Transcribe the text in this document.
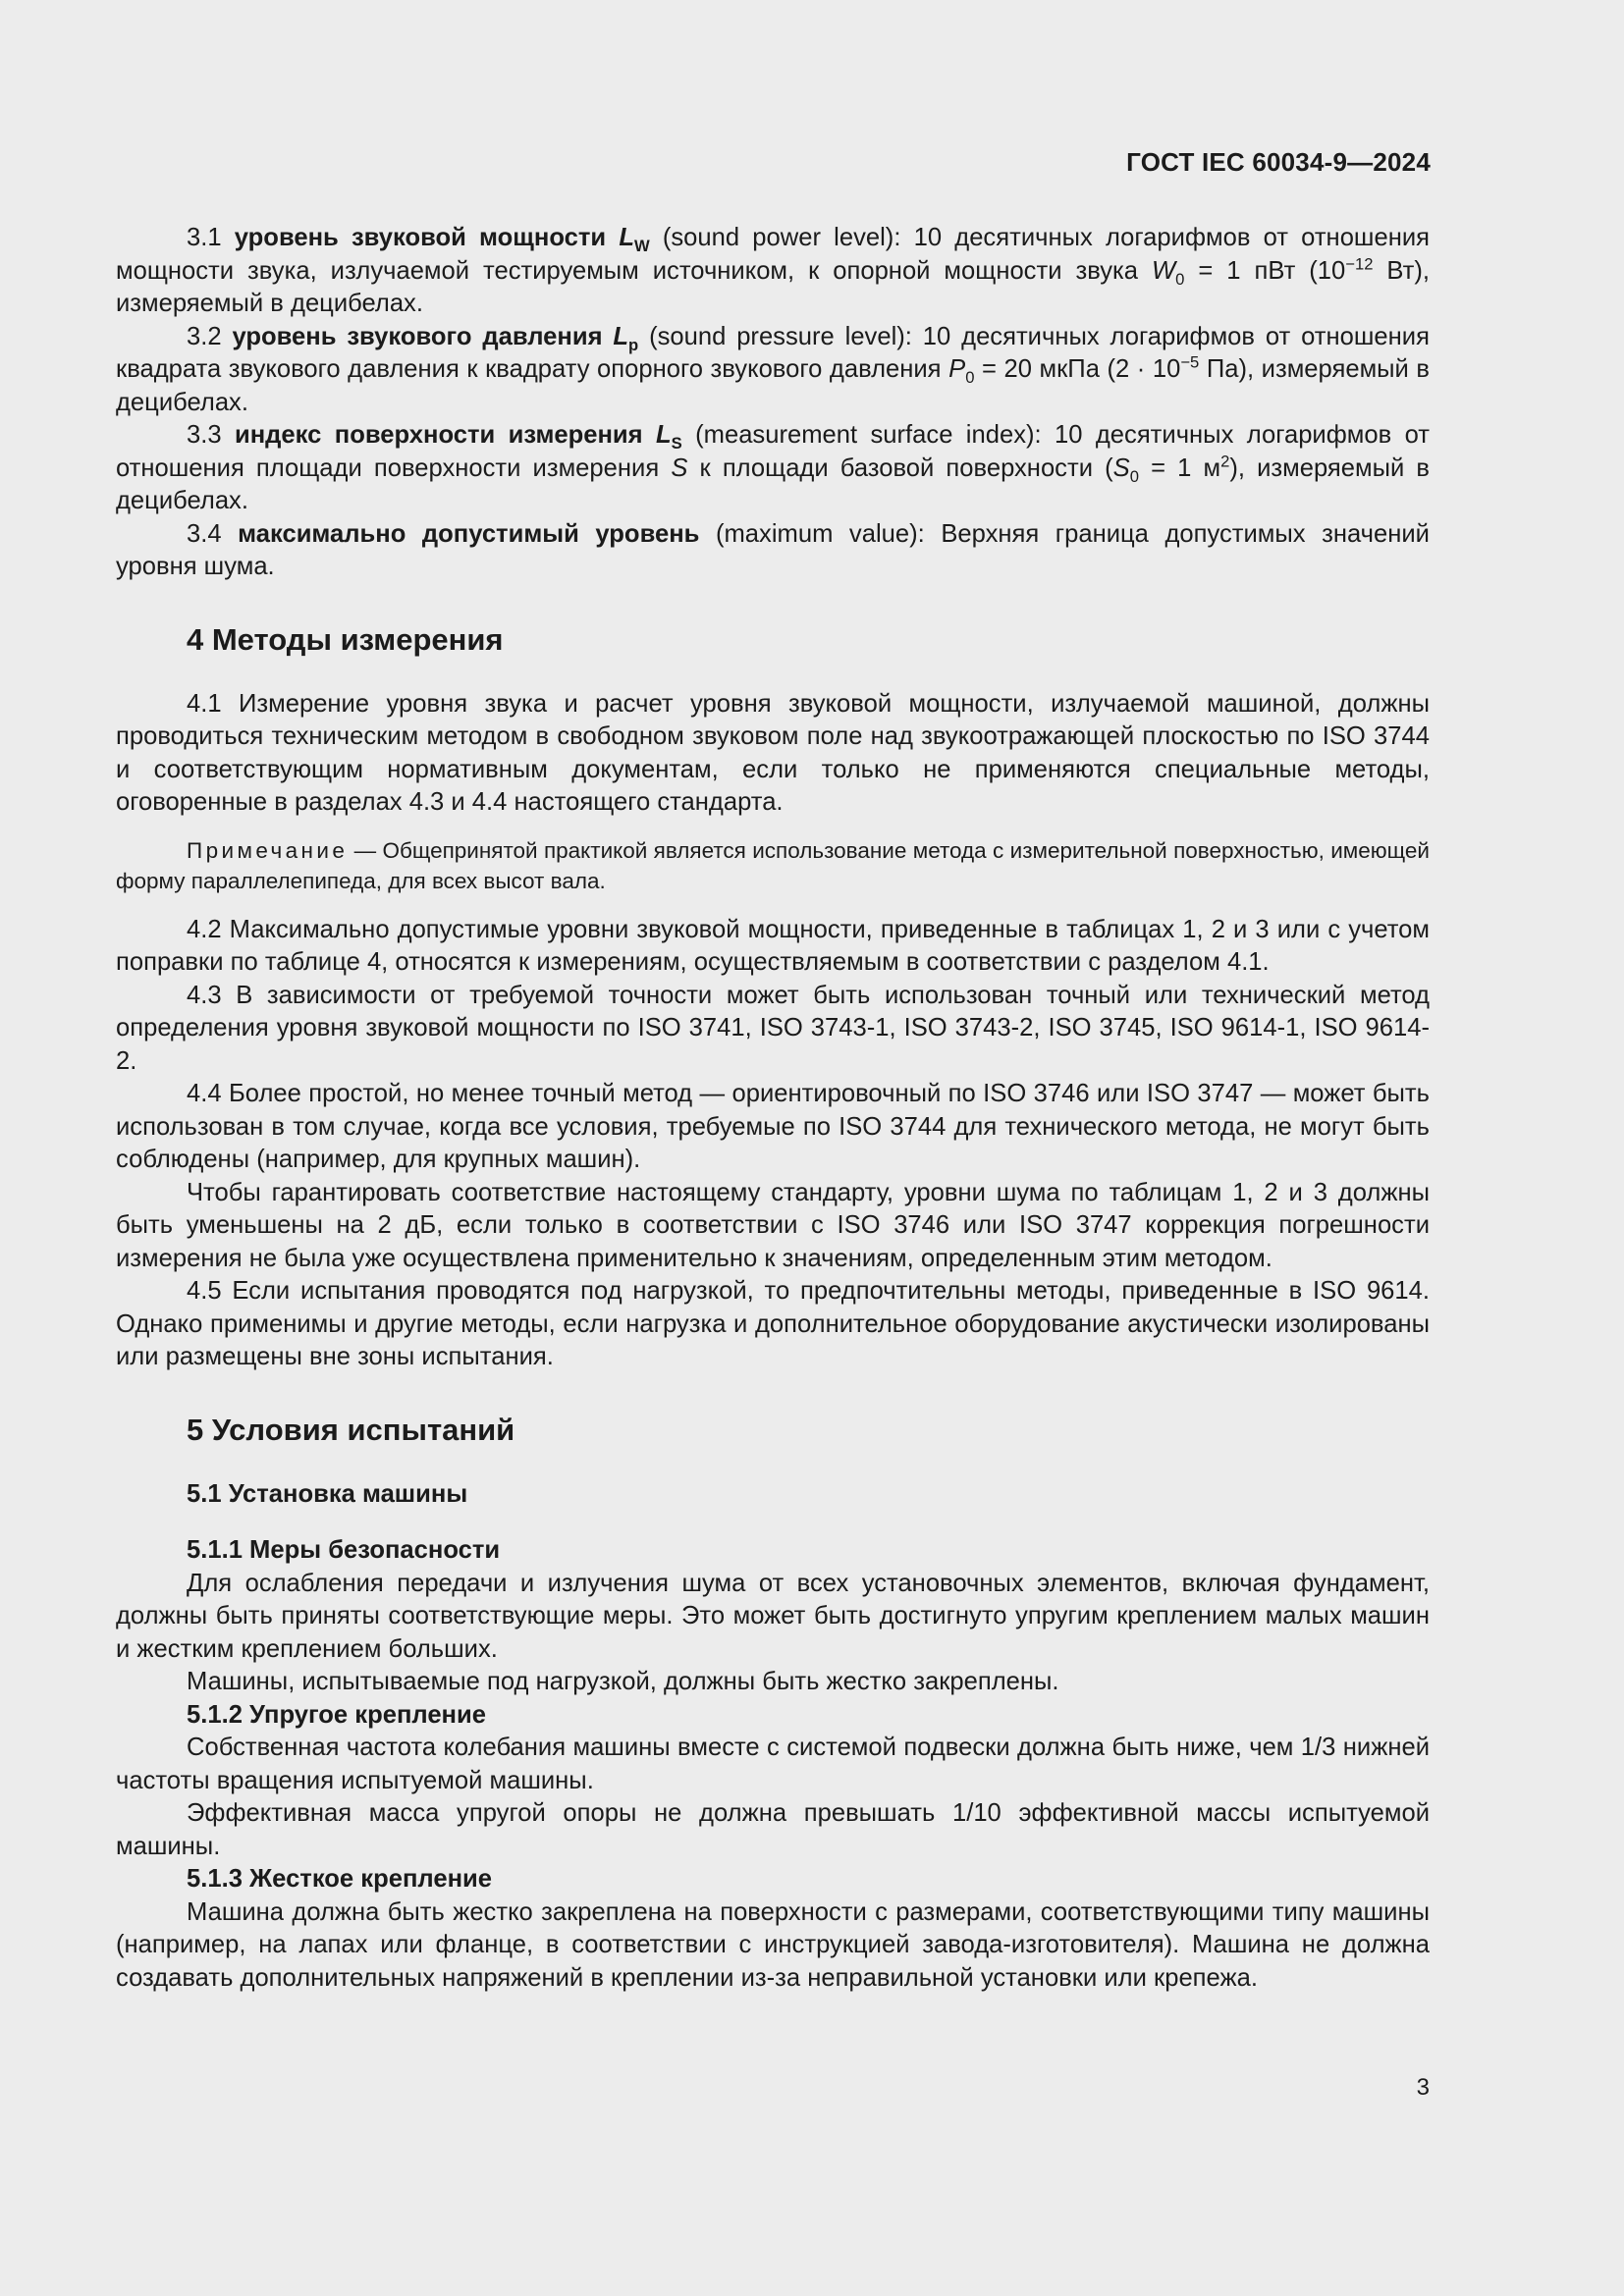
ГОСТ IEC 60034-9—2024

3.1 уровень звуковой мощности $L_W$ (sound power level): 10 десятичных логарифмов от отношения мощности звука, излучаемой тестируемым источником, к опорной мощности звука $W_0 = 1$ пВт ($10^{-12}$ Вт), измеряемый в децибелах.

3.2 уровень звукового давления $L_p$ (sound pressure level): 10 десятичных логарифмов от отношения квадрата звукового давления к квадрату опорного звукового давления $P_0 = 20$ мкПа ($2 \cdot 10^{-5}$ Па), измеряемый в децибелах.

3.3 индекс поверхности измерения $L_S$ (measurement surface index): 10 десятичных логарифмов от отношения площади поверхности измерения S к площади базовой поверхности ($S_0 = 1$ $м^2$), измеряемый в децибелах.

3.4 максимально допустимый уровень (maximum value): Верхняя граница допустимых значений уровня шума.

4 Методы измерения

4.1 Измерение уровня звука и расчет уровня звуковой мощности, излучаемой машиной, должны проводиться техническим методом в свободном звуковом поле над звукоотражающей плоскостью по ISO 3744 и соответствующим нормативным документам, если только не применяются специальные методы, оговоренные в разделах 4.3 и 4.4 настоящего стандарта.

Примечание — Общепринятой практикой является использование метода с измерительной поверхностью, имеющей форму параллелепипеда, для всех высот вала.

4.2 Максимально допустимые уровни звуковой мощности, приведенные в таблицах 1, 2 и 3 или с учетом поправки по таблице 4, относятся к измерениям, осуществляемым в соответствии с разделом 4.1.

4.3 В зависимости от требуемой точности может быть использован точный или технический метод определения уровня звуковой мощности по ISO 3741, ISO 3743-1, ISO 3743-2, ISO 3745, ISO 9614-1, ISO 9614-2.

4.4 Более простой, но менее точный метод — ориентировочный по ISO 3746 или ISO 3747 — может быть использован в том случае, когда все условия, требуемые по ISO 3744 для технического метода, не могут быть соблюдены (например, для крупных машин).

Чтобы гарантировать соответствие настоящему стандарту, уровни шума по таблицам 1, 2 и 3 должны быть уменьшены на 2 дБ, если только в соответствии с ISO 3746 или ISO 3747 коррекция погрешности измерения не была уже осуществлена применительно к значениям, определенным этим методом.

4.5 Если испытания проводятся под нагрузкой, то предпочтительны методы, приведенные в ISO 9614. Однако применимы и другие методы, если нагрузка и дополнительное оборудование акустически изолированы или размещены вне зоны испытания.

5 Условия испытаний
5.1 Установка машины
5.1.1 Меры безопасности

Для ослабления передачи и излучения шума от всех установочных элементов, включая фундамент, должны быть приняты соответствующие меры. Это может быть достигнуто упругим креплением малых машин и жестким креплением больших.

Машины, испытываемые под нагрузкой, должны быть жестко закреплены.

5.1.2 Упругое крепление

Собственная частота колебания машины вместе с системой подвески должна быть ниже, чем 1/3 нижней частоты вращения испытуемой машины.

Эффективная масса упругой опоры не должна превышать 1/10 эффективной массы испытуемой машины.

5.1.3 Жесткое крепление

Машина должна быть жестко закреплена на поверхности с размерами, соответствующими типу машины (например, на лапах или фланце, в соответствии с инструкцией завода-изготовителя). Машина не должна создавать дополнительных напряжений в креплении из-за неправильной установки или крепежа.

3
